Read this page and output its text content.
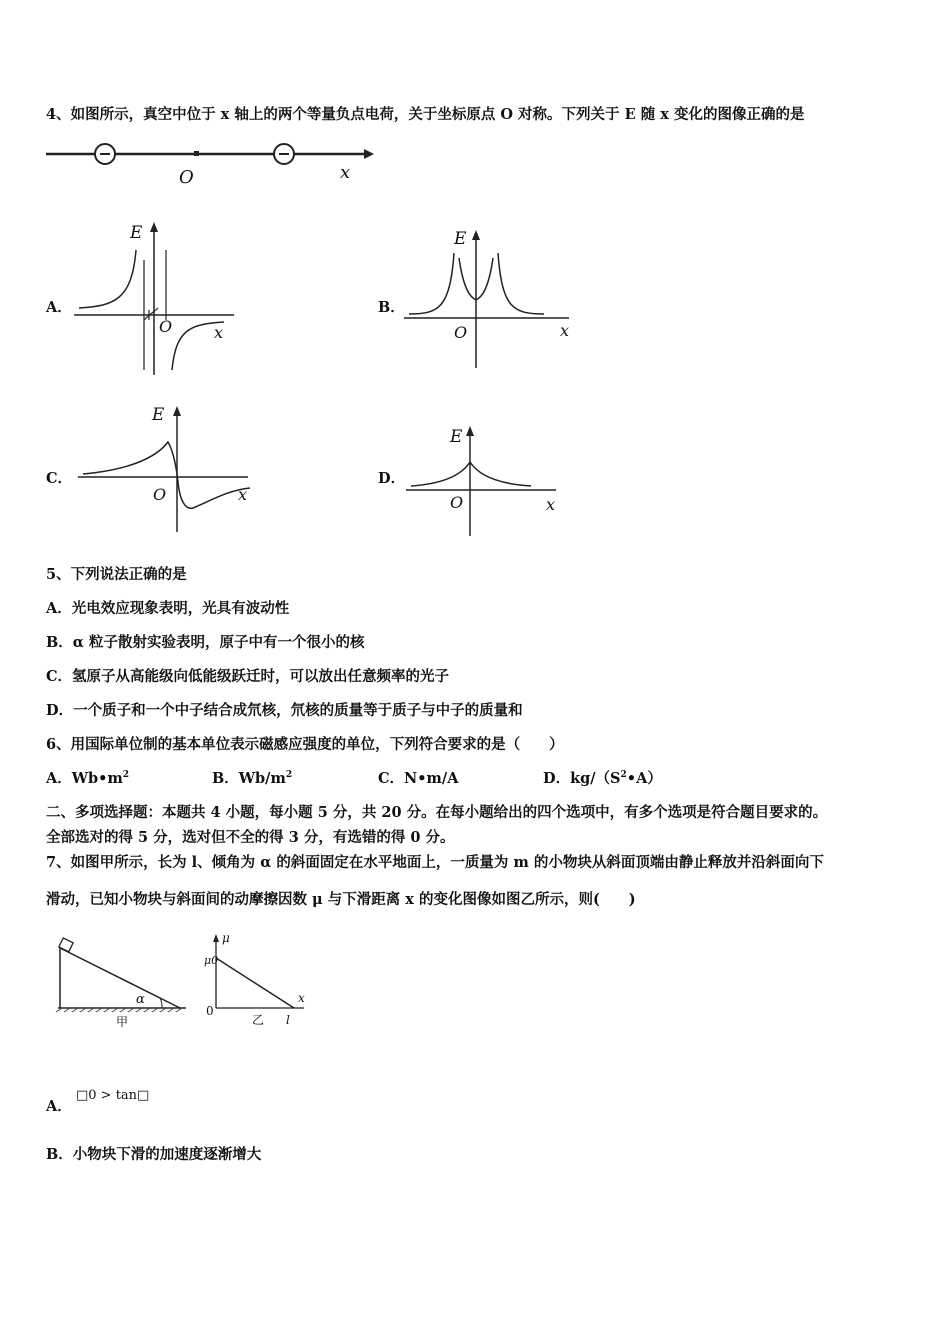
4、如图所示，真空中位于 x 轴上的两个等量负点电荷，关于坐标原点 O 对称。下列关于 E 随 x 变化的图像正确的是
O	x
A．
E
O	x
B．
E
O	x
C．
E
O	x
D．
E
O	x
5、下列说法正确的是
A．光电效应现象表明，光具有波动性
B．α 粒子散射实验表明，原子中有一个很小的核
C．氢原子从高能级向低能级跃迁时，可以放出任意频率的光子
D．一个质子和一个中子结合成氘核，氘核的质量等于质子与中子的质量和
6、用国际单位制的基本单位表示磁感应强度的单位，下列符合要求的是（　　）
A．$Wb•m^2$	B．$Wb/m^2$	C．N•m/A	D．$kg/(S^2•A)$
二、多项选择题：本题共 4 小题，每小题 5 分，共 20 分。在每小题给出的四个选项中，有多个选项是符合题目要求的。
全部选对的得 5 分，选对但不全的得 3 分，有选错的得 0 分。
7、如图甲所示，长为 l、倾角为 α 的斜面固定在水平地面上，一质量为 m 的小物块从斜面顶端由静止释放并沿斜面向下
滑动，已知小物块与斜面间的动摩擦因数 μ 与下滑距离 x 的变化图像如图乙所示，则(　　)
α
甲
μ
μ0
0
x
乙 l
A．
□0 > tan□
B．小物块下滑的加速度逐渐增大
